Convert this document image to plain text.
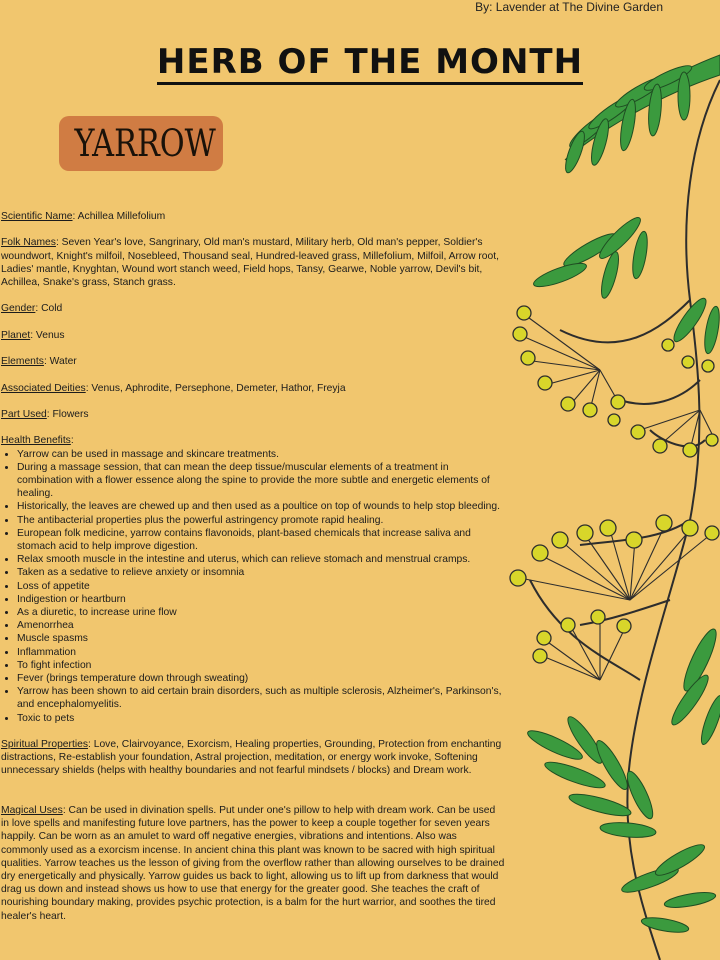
By: Lavender at The Divine Garden
HERB OF THE MONTH
YARROW

Scientific Name: Achillea Millefolium

Folk Names: Seven Year's love, Sangrinary, Old man's mustard, Military herb, Old man's pepper, Soldier's woundwort, Knight's milfoil, Nosebleed, Thousand seal, Hundred-leaved grass, Millefolium, Milfoil, Arrow root, Ladies' mantle, Knyghtan, Wound wort stanch weed, Field hops, Tansy, Gearwe, Noble yarrow, Devil's bit, Achillea, Snake's grass, Stanch grass.

Gender: Cold

Planet: Venus

Elements: Water

Associated Deities: Venus, Aphrodite, Persephone, Demeter, Hathor, Freyja

Part Used: Flowers

Health Benefits:
• Yarrow can be used in massage and skincare treatments.
• During a massage session, that can mean the deep tissue/muscular elements of a treatment in combination with a flower essence along the spine to provide the more subtle and energetic elements of healing.
• Historically, the leaves are chewed up and then used as a poultice on top of wounds to help stop bleeding.
• The antibacterial properties plus the powerful astringency promote rapid healing.
• European folk medicine, yarrow contains flavonoids, plant-based chemicals that increase saliva and stomach acid to help improve digestion.
• Relax smooth muscle in the intestine and uterus, which can relieve stomach and menstrual cramps.
• Taken as a sedative to relieve anxiety or insomnia
• Loss of appetite
• Indigestion or heartburn
• As a diuretic, to increase urine flow
• Amenorrhea
• Muscle spasms
• Inflammation
• To fight infection
• Fever (brings temperature down through sweating)
• Yarrow has been shown to aid certain brain disorders, such as multiple sclerosis, Alzheimer's, Parkinson's, and encephalomyelitis.
• Toxic to pets

Spiritual Properties: Love, Clairvoyance, Exorcism, Healing properties, Grounding, Protection from enchanting distractions, Re-establish your foundation, Astral projection, meditation, or energy work invoke, Softening unnecessary shields (helps with healthy boundaries and not fearful mindsets / blocks) and Dream work.

Magical Uses: Can be used in divination spells. Put under one's pillow to help with dream work. Can be used in love spells and manifesting future love partners, has the power to keep a couple together for seven years happily. Can be worn as an amulet to ward off negative energies, vibrations and intentions. Also was commonly used as a exorcism incense. In ancient china this plant was known to be sacred with high spiritual qualities. Yarrow teaches us the lesson of giving from the overflow rather than allowing ourselves to be drained dry energetically and physically. Yarrow guides us back to light, allowing us to lift up from darkness that would drag us down and instead shows us how to use that energy for the greater good. She teaches the craft of nourishing boundary making, provides psychic protection, is a balm for the hurt warrior, and soothes the tired healer's heart.
